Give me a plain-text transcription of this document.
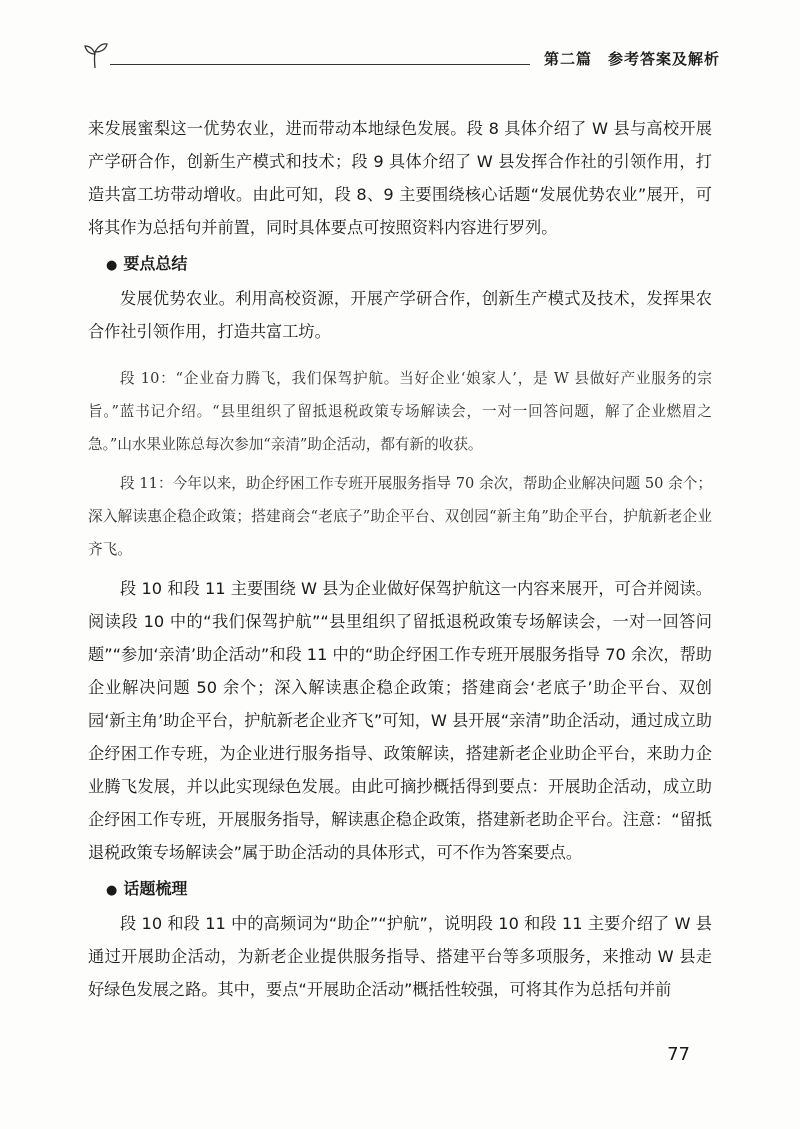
第二篇　参考答案及解析

来发展蜜梨这一优势农业，进而带动本地绿色发展。段 8 具体介绍了 W 县与高校开展产学研合作，创新生产模式和技术；段 9 具体介绍了 W 县发挥合作社的引领作用，打造共富工坊带动增收。由此可知，段 8、9 主要围绕核心话题“发展优势农业”展开，可将其作为总括句并前置，同时具体要点可按照资料内容进行罗列。

● 要点总结

发展优势农业。利用高校资源，开展产学研合作，创新生产模式及技术，发挥果农合作社引领作用，打造共富工坊。

段 10：“企业奋力腾飞，我们保驾护航。当好企业‘娘家人’，是 W 县做好产业服务的宗旨。”蓝书记介绍。“县里组织了留抵退税政策专场解读会，一对一回答问题，解了企业燃眉之急。”山水果业陈总每次参加“亲清”助企活动，都有新的收获。

段 11：今年以来，助企纾困工作专班开展服务指导 70 余次，帮助企业解决问题 50 余个；深入解读惠企稳企政策；搭建商会“老底子”助企平台、双创园“新主角”助企平台，护航新老企业齐飞。

段 10 和段 11 主要围绕 W 县为企业做好保驾护航这一内容来展开，可合并阅读。阅读段 10 中的“我们保驾护航”“县里组织了留抵退税政策专场解读会，一对一回答问题”“参加‘亲清’助企活动”和段 11 中的“助企纾困工作专班开展服务指导 70 余次，帮助企业解决问题 50 余个；深入解读惠企稳企政策；搭建商会‘老底子’助企平台、双创园‘新主角’助企平台，护航新老企业齐飞”可知，W 县开展“亲清”助企活动，通过成立助企纾困工作专班，为企业进行服务指导、政策解读，搭建新老企业助企平台，来助力企业腾飞发展，并以此实现绿色发展。由此可摘抄概括得到要点：开展助企活动，成立助企纾困工作专班，开展服务指导，解读惠企稳企政策，搭建新老助企平台。注意：“留抵退税政策专场解读会”属于助企活动的具体形式，可不作为答案要点。

● 话题梳理

段 10 和段 11 中的高频词为“助企”“护航”，说明段 10 和段 11 主要介绍了 W 县通过开展助企活动，为新老企业提供服务指导、搭建平台等多项服务，来推动 W 县走好绿色发展之路。其中，要点“开展助企活动”概括性较强，可将其作为总括句并前

77
